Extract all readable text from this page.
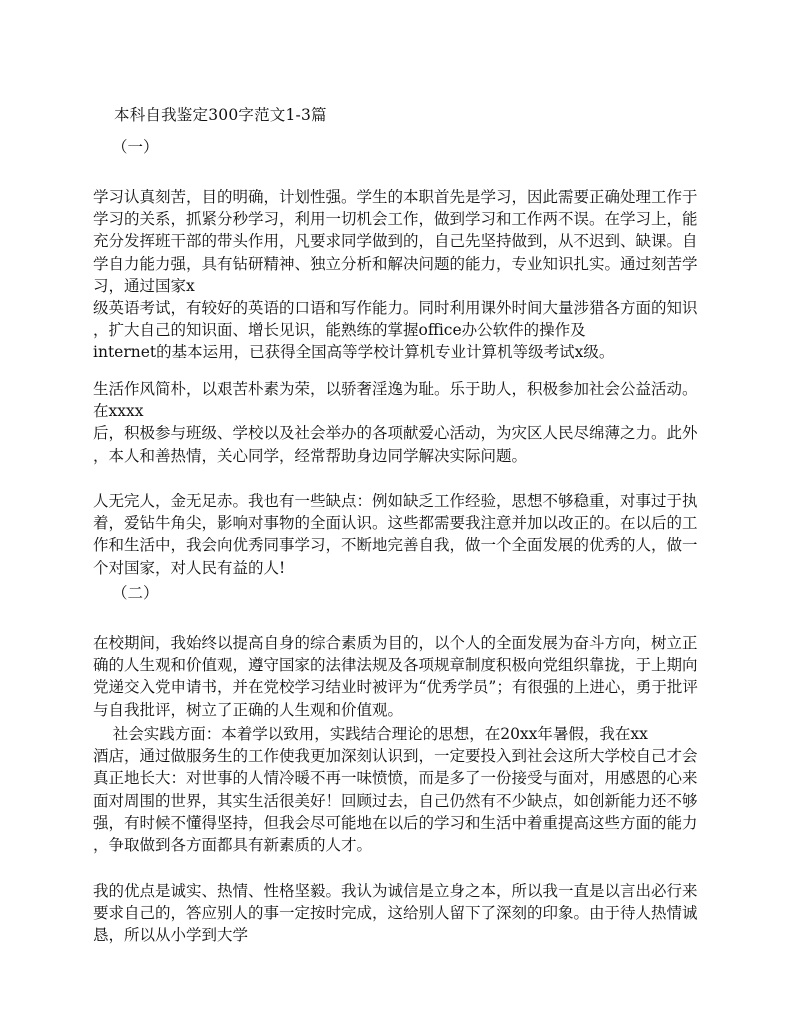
本科自我鉴定300字范文1-3篇
（一）
学习认真刻苦，目的明确，计划性强。学生的本职首先是学习，因此需要正确处理工作于
学习的关系，抓紧分秒学习，利用一切机会工作，做到学习和工作两不误。在学习上，能
充分发挥班干部的带头作用，凡要求同学做到的，自己先坚持做到，从不迟到、缺课。自
学自力能力强，具有钻研精神、独立分析和解决问题的能力，专业知识扎实。通过刻苦学
习，通过国家x
级英语考试，有较好的英语的口语和写作能力。同时利用课外时间大量涉猎各方面的知识
，扩大自己的知识面、增长见识，能熟练的掌握office办公软件的操作及
internet的基本运用，已获得全国高等学校计算机专业计算机等级考试x级。
生活作风简朴，以艰苦朴素为荣，以骄奢淫逸为耻。乐于助人，积极参加社会公益活动。
在xxxx
后，积极参与班级、学校以及社会举办的各项献爱心活动，为灾区人民尽绵薄之力。此外
，本人和善热情，关心同学，经常帮助身边同学解决实际问题。
人无完人，金无足赤。我也有一些缺点：例如缺乏工作经验，思想不够稳重，对事过于执
着，爱钻牛角尖，影响对事物的全面认识。这些都需要我注意并加以改正的。在以后的工
作和生活中，我会向优秀同事学习，不断地完善自我，做一个全面发展的优秀的人，做一
个对国家，对人民有益的人!
（二）
在校期间，我始终以提高自身的综合素质为目的，以个人的全面发展为奋斗方向，树立正
确的人生观和价值观，遵守国家的法律法规及各项规章制度积极向党组织靠拢，于上期向
党递交入党申请书，并在党校学习结业时被评为“优秀学员”；有很强的上进心，勇于批评
与自我批评，树立了正确的人生观和价值观。
社会实践方面：本着学以致用，实践结合理论的思想，在20xx年暑假，我在xx
酒店，通过做服务生的工作使我更加深刻认识到，一定要投入到社会这所大学校自己才会
真正地长大：对世事的人情冷暖不再一味愤愤，而是多了一份接受与面对，用感恩的心来
面对周围的世界，其实生活很美好！回顾过去，自己仍然有不少缺点，如创新能力还不够
强，有时候不懂得坚持，但我会尽可能地在以后的学习和生活中着重提高这些方面的能力
，争取做到各方面都具有新素质的人才。
我的优点是诚实、热情、性格坚毅。我认为诚信是立身之本，所以我一直是以言出必行来
要求自己的，答应别人的事一定按时完成，这给别人留下了深刻的印象。由于待人热情诚
恳，所以从小学到大学
